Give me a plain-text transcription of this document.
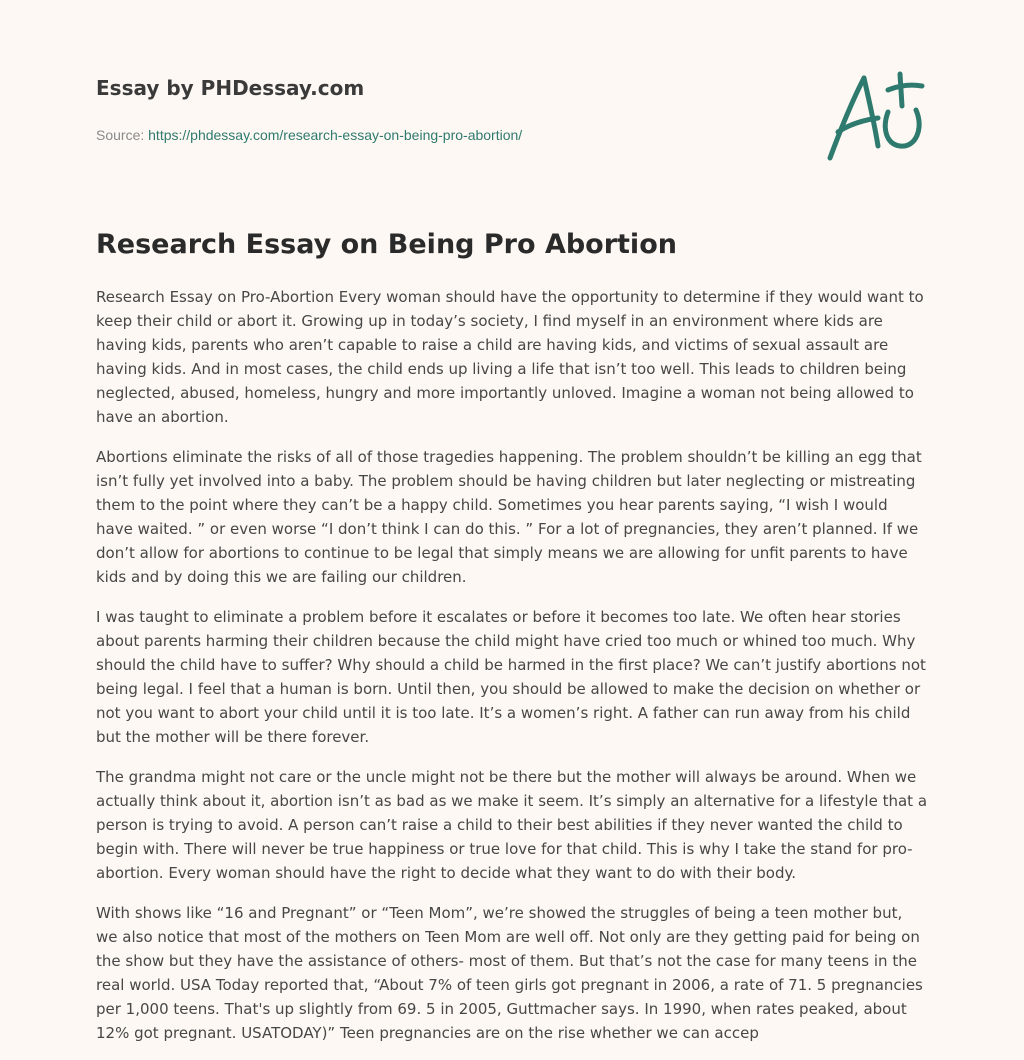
Essay by PHDessay.com
Source: https://phdessay.com/research-essay-on-being-pro-abortion/
Research Essay on Being Pro Abortion

Research Essay on Pro-Abortion Every woman should have the opportunity to determine if they would want to keep their child or abort it. Growing up in today’s society, I find myself in an environment where kids are having kids, parents who aren’t capable to raise a child are having kids, and victims of sexual assault are having kids. And in most cases, the child ends up living a life that isn’t too well. This leads to children being neglected, abused, homeless, hungry and more importantly unloved. Imagine a woman not being allowed to have an abortion.

Abortions eliminate the risks of all of those tragedies happening. The problem shouldn’t be killing an egg that isn’t fully yet involved into a baby. The problem should be having children but later neglecting or mistreating them to the point where they can’t be a happy child. Sometimes you hear parents saying, “I wish I would have waited. ” or even worse “I don’t think I can do this. ” For a lot of pregnancies, they aren’t planned. If we don’t allow for abortions to continue to be legal that simply means we are allowing for unfit parents to have kids and by doing this we are failing our children.

I was taught to eliminate a problem before it escalates or before it becomes too late. We often hear stories about parents harming their children because the child might have cried too much or whined too much. Why should the child have to suffer? Why should a child be harmed in the first place? We can’t justify abortions not being legal. I feel that a human is born. Until then, you should be allowed to make the decision on whether or not you want to abort your child until it is too late. It’s a women’s right. A father can run away from his child but the mother will be there forever.

The grandma might not care or the uncle might not be there but the mother will always be around. When we actually think about it, abortion isn’t as bad as we make it seem. It’s simply an alternative for a lifestyle that a person is trying to avoid. A person can’t raise a child to their best abilities if they never wanted the child to begin with. There will never be true happiness or true love for that child. This is why I take the stand for pro-abortion. Every woman should have the right to decide what they want to do with their body.

With shows like “16 and Pregnant” or “Teen Mom”, we’re showed the struggles of being a teen mother but, we also notice that most of the mothers on Teen Mom are well off. Not only are they getting paid for being on the show but they have the assistance of others- most of them. But that’s not the case for many teens in the real world. USA Today reported that, “About 7% of teen girls got pregnant in 2006, a rate of 71. 5 pregnancies per 1,000 teens. That's up slightly from 69. 5 in 2005, Guttmacher says. In 1990, when rates peaked, about 12% got pregnant. USATODAY)” Teen pregnancies are on the rise whether we can accep
